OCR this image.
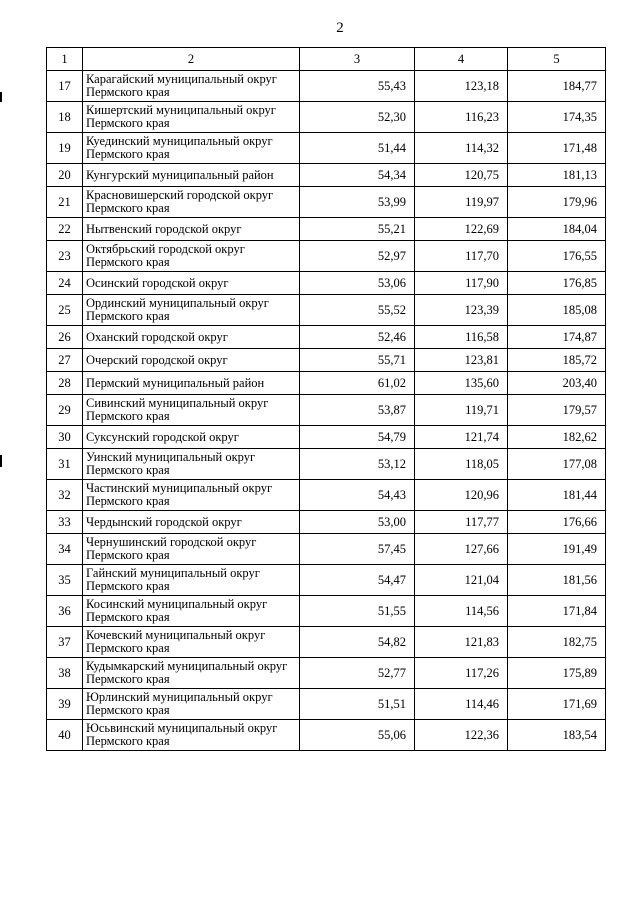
2
1	2	3	4	5
17	Карагайский муниципальный округ Пермского края	55,43	123,18	184,77
18	Кишертский муниципальный округ Пермского края	52,30	116,23	174,35
19	Куединский муниципальный округ Пермского края	51,44	114,32	171,48
20	Кунгурский муниципальный район	54,34	120,75	181,13
21	Красновишерский городской округ Пермского края	53,99	119,97	179,96
22	Нытвенский городской округ	55,21	122,69	184,04
23	Октябрьский городской округ Пермского края	52,97	117,70	176,55
24	Осинский городской округ	53,06	117,90	176,85
25	Ординский муниципальный округ Пермского края	55,52	123,39	185,08
26	Оханский городской округ	52,46	116,58	174,87
27	Очерский городской округ	55,71	123,81	185,72
28	Пермский муниципальный район	61,02	135,60	203,40
29	Сивинский муниципальный округ Пермского края	53,87	119,71	179,57
30	Суксунский городской округ	54,79	121,74	182,62
31	Уинский муниципальный округ Пермского края	53,12	118,05	177,08
32	Частинский муниципальный округ Пермского края	54,43	120,96	181,44
33	Чердынский городской округ	53,00	117,77	176,66
34	Чернушинский городской округ Пермского края	57,45	127,66	191,49
35	Гайнский муниципальный округ Пермского края	54,47	121,04	181,56
36	Косинский муниципальный округ Пермского края	51,55	114,56	171,84
37	Кочевский муниципальный округ Пермского края	54,82	121,83	182,75
38	Кудымкарский муниципальный округ Пермского края	52,77	117,26	175,89
39	Юрлинский муниципальный округ Пермского края	51,51	114,46	171,69
40	Юсьвинский муниципальный округ Пермского края	55,06	122,36	183,54
